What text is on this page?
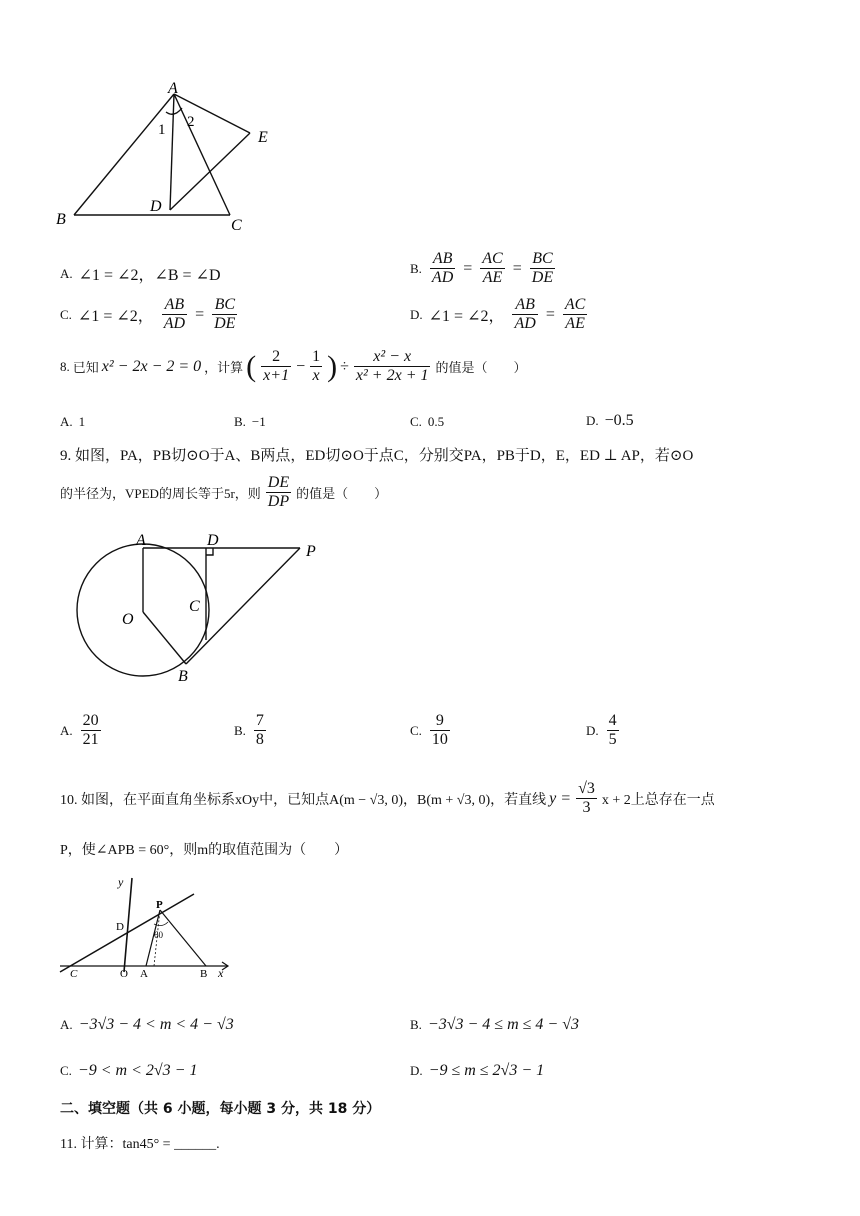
A
1 2
E
D
B	C
A. ∠1 = ∠2，∠B = ∠D	B. $\frac{AB}{AD} = \frac{AC}{AE} = \frac{BC}{DE}$
C. ∠1 = ∠2， $\frac{AB}{AD} = \frac{BC}{DE}$	D. ∠1 = ∠2， $\frac{AB}{AD} = \frac{AC}{AE}$
8. 已知 x² − 2x − 2 = 0 ，计算 ( $\frac{2}{x+1} - \frac{1}{x}$ ) ÷ $\frac{\text{x² − x}}{\text{x² + 2x + 1}}$ 的值是（　　）
A. 1	B. −1	C. 0.5	D. −0.5
9. 如图，PA，PB切⊙O于A、B两点，ED切⊙O于点C，分别交PA，PB于D，E，ED ⊥ AP，若⊙O
的半径为，VPED的周长等于5r，则 $\frac{DE}{DP}$ 的值是（　　）
A	D
P
O
C
B
A. $\frac{20}{21}$	B. $\frac{7}{8}$	C. $\frac{9}{10}$	D. $\frac{4}{5}$
10. 如图，在平面直角坐标系xOy中，已知点A(m − √3, 0)，B(m + √3, 0)，若直线 $y = \frac{√3}{3}$ x + 2上总存在一点
P，使∠APB = 60°，则m的取值范围为（　　）
y
x
P
D
C	O A	B
60
A. −3√3 − 4 < m < 4 − √3	B. −3√3 − 4 ≤ m ≤ 4 − √3
C. −9 < m < 2√3 − 1	D. −9 ≤ m ≤ 2√3 − 1
二、填空题（共 6 小题，每小题 3 分，共 18 分）
11. 计算：tan45° = ______.
